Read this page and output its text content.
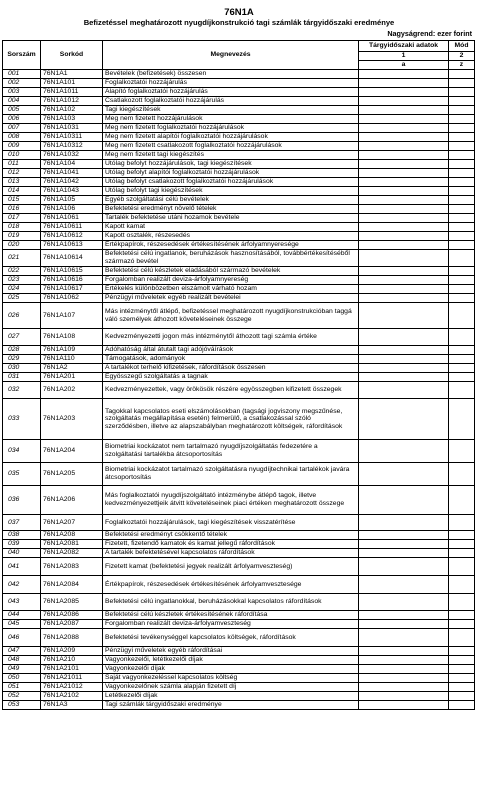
76N1A
Befizetéssel meghatározott nyugdíjkonstrukció tagi számlák tárgyidőszaki eredménye
Nagyságrend: ezer forint
Sorszám	Sorkód	Megnevezés	Tárgyidőszaki adatok	Mód
			1	2
			a	z
001	76N1A1	Bevételek (befizetések) összesen		
002	76N1A101	Foglalkoztatói hozzájárulás		
003	76N1A1011	Alapító foglalkoztatói hozzájárulás		
004	76N1A1012	Csatlakozott foglalkoztatói hozzájárulás		
005	76N1A102	Tagi kiegészítések		
006	76N1A103	Meg nem fizetett hozzájárulások		
007	76N1A1031	Meg nem fizetett foglalkoztatói hozzájárulások		
008	76N1A10311	Meg nem fizetett alapítói foglalkoztatói hozzájárulások		
009	76N1A10312	Meg nem fizetett csatlakozott foglalkoztatói hozzájárulások		
010	76N1A1032	Meg nem fizetett tagi kiegészítés		
011	76N1A104	Utólag befolyt hozzájárulások, tagi kiegészítések		
012	76N1A1041	Utólag befolyt alapítói foglalkoztatói hozzájárulások		
013	76N1A1042	Utólag befolyt csatlakozott foglalkoztatói hozzájárulások		
014	76N1A1043	Utólag befolyt tagi kiegészítések		
015	76N1A105	Egyéb szolgáltatási célú bevételek		
016	76N1A106	Befektetési eredményt növelő tételek		
017	76N1A1061	Tartalék befektetése utáni hozamok bevétele		
018	76N1A10611	Kapott kamat		
019	76N1A10612	Kapott osztalék, részesedés		
020	76N1A10613	Értékpapírok, részesedések értékesítésének árfolyamnyeresége		
021	76N1A10614	Befektetési célú ingatlanok, beruházások hasznosításából, továbbértékesítéséből származó bevétel		
022	76N1A10615	Befektetési célú készletek eladásából származó bevételek		
023	76N1A10616	Forgalomban realizált deviza-árfolyamnyereség		
024	76N1A10617	Értékelés különbözetben elszámolt várható hozam		
025	76N1A1062	Pénzügyi műveletek egyéb realizált bevételei		
026	76N1A107	Más intézménytől átlépő, befizetéssel meghatározott nyugdíjkonstrukcióban taggá váló személyek áthozott követeléseinek összege		
027	76N1A108	Kedvezményezetti jogon más intézménytől áthozott tagi számla értéke		
028	76N1A109	Adóhatóság által átutalt tagi adójóváírások		
029	76N1A110	Támogatások, adományok		
030	76N1A2	A tartalékot terhelő kifizetések, ráfordítások összesen		
031	76N1A201	Egyösszegű szolgáltatás a tagnak		
032	76N1A202	Kedvezményezettek, vagy örökösök részére egyösszegben kifizetett összegek		
033	76N1A203	Tagokkal kapcsolatos eseti elszámolásokban (tagsági jogviszony megszűnése, szolgáltatás megállapítása esetén) felmerülő, a csatlakozással szóló szerződésben, illetve az alapszabályban meghatározott költségek, ráfordítások		
034	76N1A204	Biometriai kockázatot nem tartalmazó nyugdíjszolgáltatás fedezetére a szolgáltatási tartalékba átcsoportosítás		
035	76N1A205	Biometriai kockázatot tartalmazó szolgáltatásra nyugdíjtechnikai tartalékok javára átcsoportosítás		
036	76N1A206	Más foglalkoztatói nyugdíjszolgáltató intézménybe átlépő tagok, illetve kedvezményezettjeik átvitt követeléseinek piaci értéken meghatározott összege		
037	76N1A207	Foglalkoztatói hozzájárulások, tagi kiegészítések visszatérítése		
038	76N1A208	Befektetési eredményt csökkentő tételek		
039	76N1A2081	Fizetett, fizetendő kamatok és kamat jellegű ráfordítások		
040	76N1A2082	A tartalék befektetésével kapcsolatos ráfordítások		
041	76N1A2083	Fizetett kamat (befektetési jegyek realizált árfolyamveszteség)		
042	76N1A2084	Értékpapírok, részesedések értékesítésének árfolyamvesztesége		
043	76N1A2085	Befektetési célú ingatlanokkal, beruházásokkal kapcsolatos ráfordítások		
044	76N1A2086	Befektetési célú készletek értékesítésének ráfordítása		
045	76N1A2087	Forgalomban realizált deviza-árfolyamveszteség		
046	76N1A2088	Befektetési tevékenységgel kapcsolatos költségek, ráfordítások		
047	76N1A209	Pénzügyi műveletek egyéb ráfordításai		
048	76N1A210	Vagyonkezelői, letétkezelői díjak		
049	76N1A2101	Vagyonkezelői díjak		
050	76N1A21011	Saját vagyonkezeléssel kapcsolatos költség		
051	76N1A21012	Vagyonkezelőnek számla alapján fizetett díj		
052	76N1A2102	Letétkezelői díjak		
053	76N1A3	Tagi számlák tárgyidőszaki eredménye		
